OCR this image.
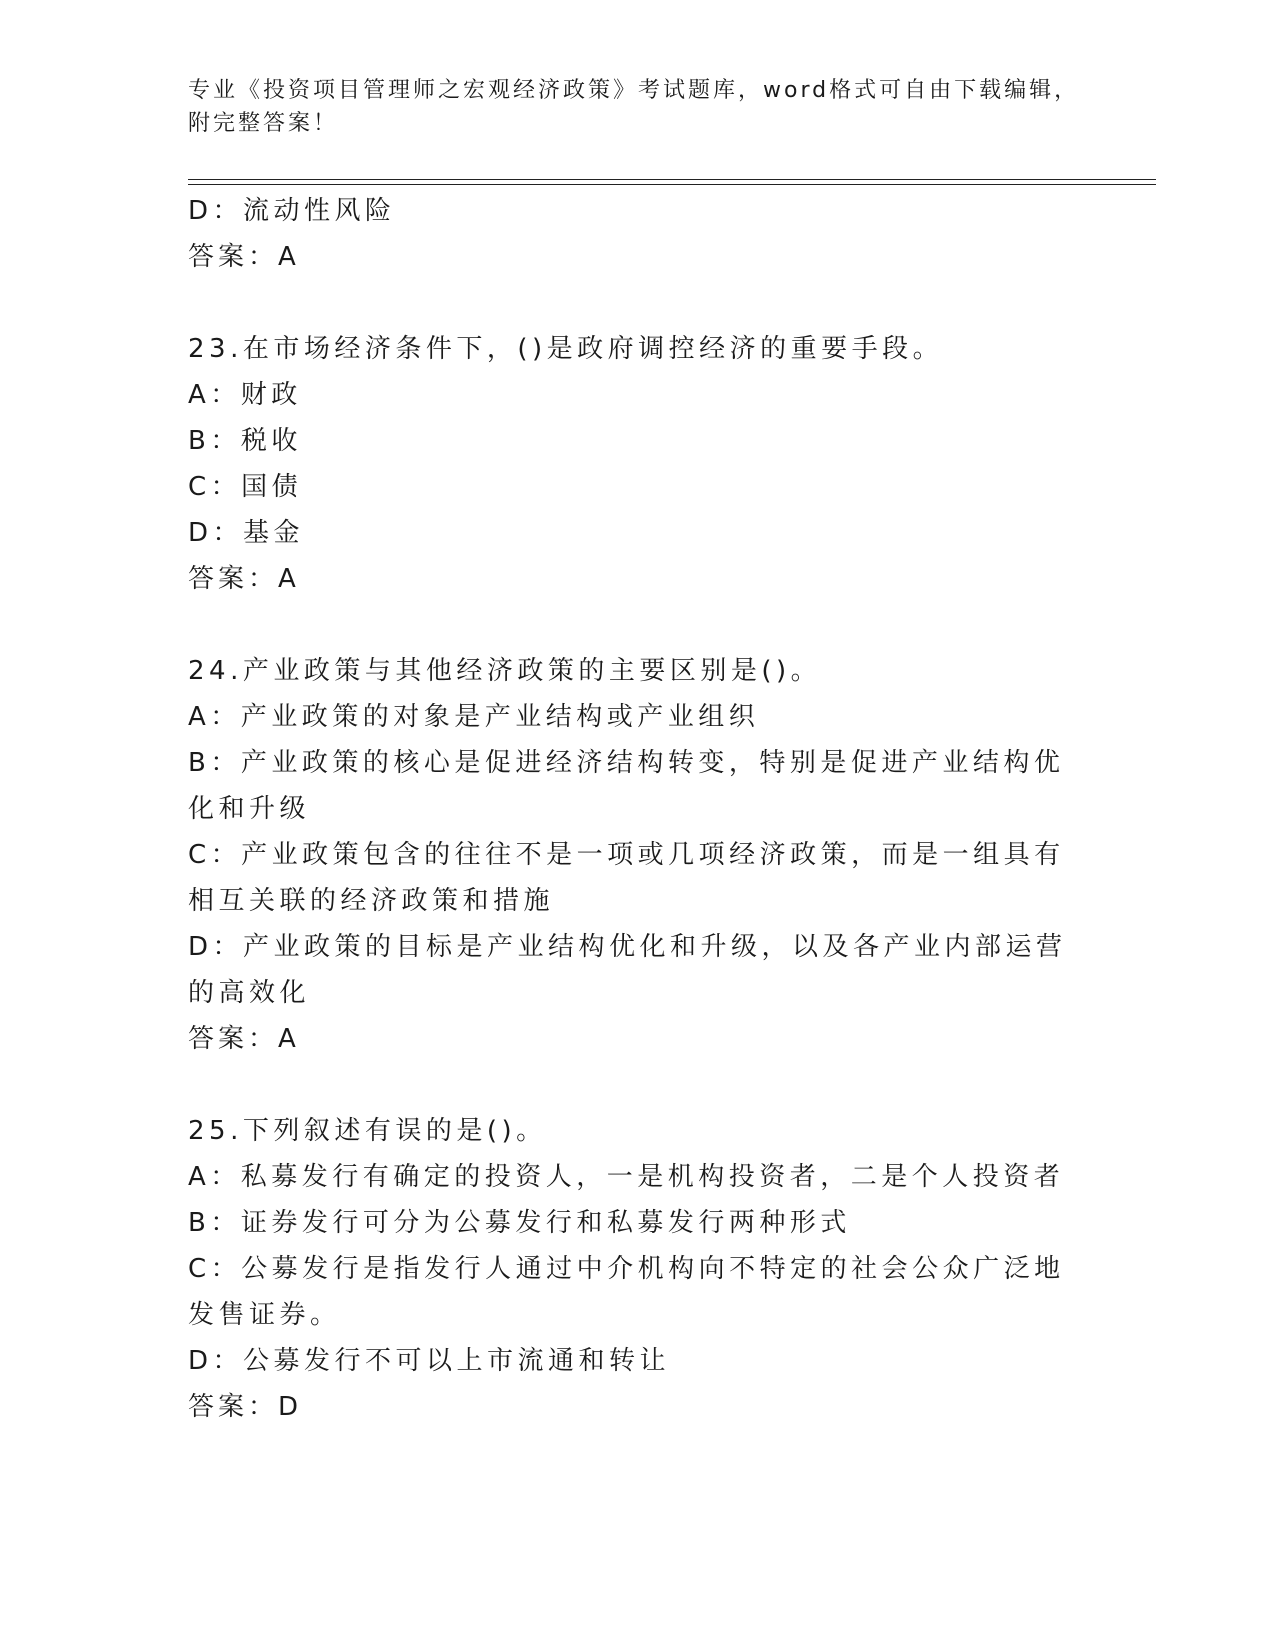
专业《投资项目管理师之宏观经济政策》考试题库，word格式可自由下载编辑，
附完整答案！
D：流动性风险
答案：A
23.在市场经济条件下，()是政府调控经济的重要手段。
A：财政
B：税收
C：国债
D：基金
答案：A
24.产业政策与其他经济政策的主要区别是()。
A：产业政策的对象是产业结构或产业组织
B：产业政策的核心是促进经济结构转变，特别是促进产业结构优化和升级
C：产业政策包含的往往不是一项或几项经济政策，而是一组具有相互关联的经济政策和措施
D：产业政策的目标是产业结构优化和升级，以及各产业内部运营的高效化
答案：A
25.下列叙述有误的是()。
A：私募发行有确定的投资人，一是机构投资者，二是个人投资者
B：证券发行可分为公募发行和私募发行两种形式
C：公募发行是指发行人通过中介机构向不特定的社会公众广泛地发售证券。
D：公募发行不可以上市流通和转让
答案：D
